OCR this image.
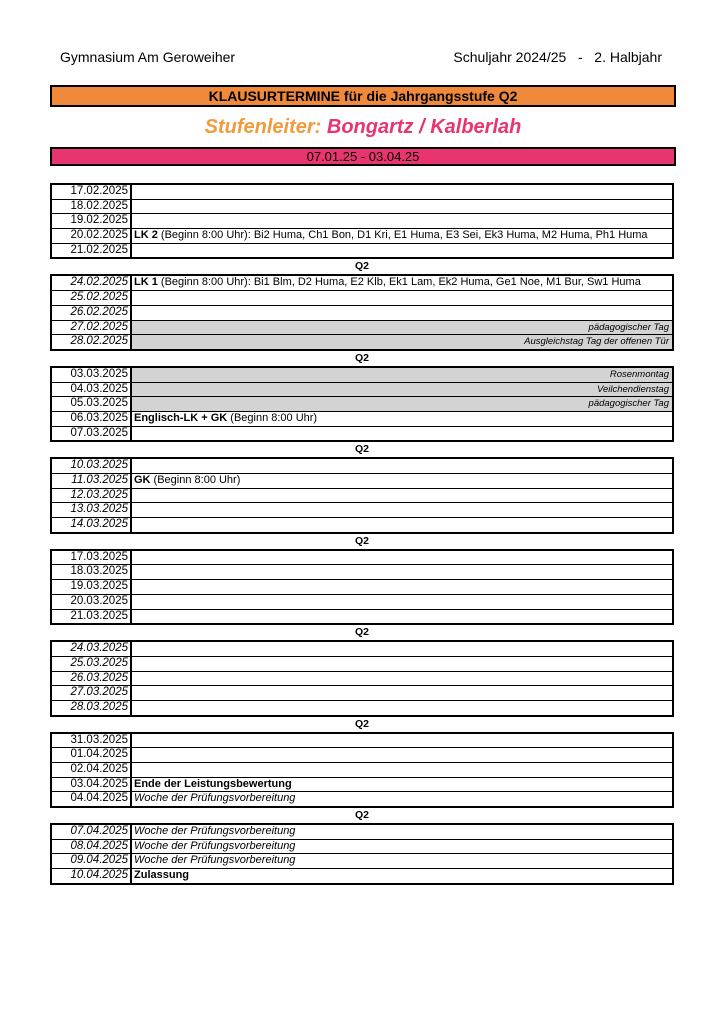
Gymnasium Am Geroweiher	Schuljahr 2024/25   -   2. Halbjahr
KLAUSURTERMINE für die Jahrgangsstufe Q2
Stufenleiter: Bongartz / Kalberlah
07.01.25 - 03.04.25
17.02.2025
18.02.2025
19.02.2025
20.02.2025 LK 2 (Beginn 8:00 Uhr): Bi2 Huma, Ch1 Bon, D1 Kri, E1 Huma, E3 Sei, Ek3 Huma, M2 Huma, Ph1 Huma
21.02.2025
Q2
24.02.2025 LK 1 (Beginn 8:00 Uhr): Bi1 Blm, D2 Huma, E2 Klb, Ek1 Lam, Ek2 Huma, Ge1 Noe, M1 Bur, Sw1 Huma
25.02.2025
26.02.2025
27.02.2025	pädagogischer Tag
28.02.2025	Ausgleichstag Tag der offenen Tür
Q2
03.03.2025	Rosenmontag
04.03.2025	Veilchendienstag
05.03.2025	pädagogischer Tag
06.03.2025 Englisch-LK + GK (Beginn 8:00 Uhr)
07.03.2025
Q2
10.03.2025
11.03.2025 GK (Beginn 8:00 Uhr)
12.03.2025
13.03.2025
14.03.2025
Q2
17.03.2025
18.03.2025
19.03.2025
20.03.2025
21.03.2025
Q2
24.03.2025
25.03.2025
26.03.2025
27.03.2025
28.03.2025
Q2
31.03.2025
01.04.2025
02.04.2025
03.04.2025 Ende der Leistungsbewertung
04.04.2025 Woche der Prüfungsvorbereitung
Q2
07.04.2025 Woche der Prüfungsvorbereitung
08.04.2025 Woche der Prüfungsvorbereitung
09.04.2025 Woche der Prüfungsvorbereitung
10.04.2025 Zulassung
